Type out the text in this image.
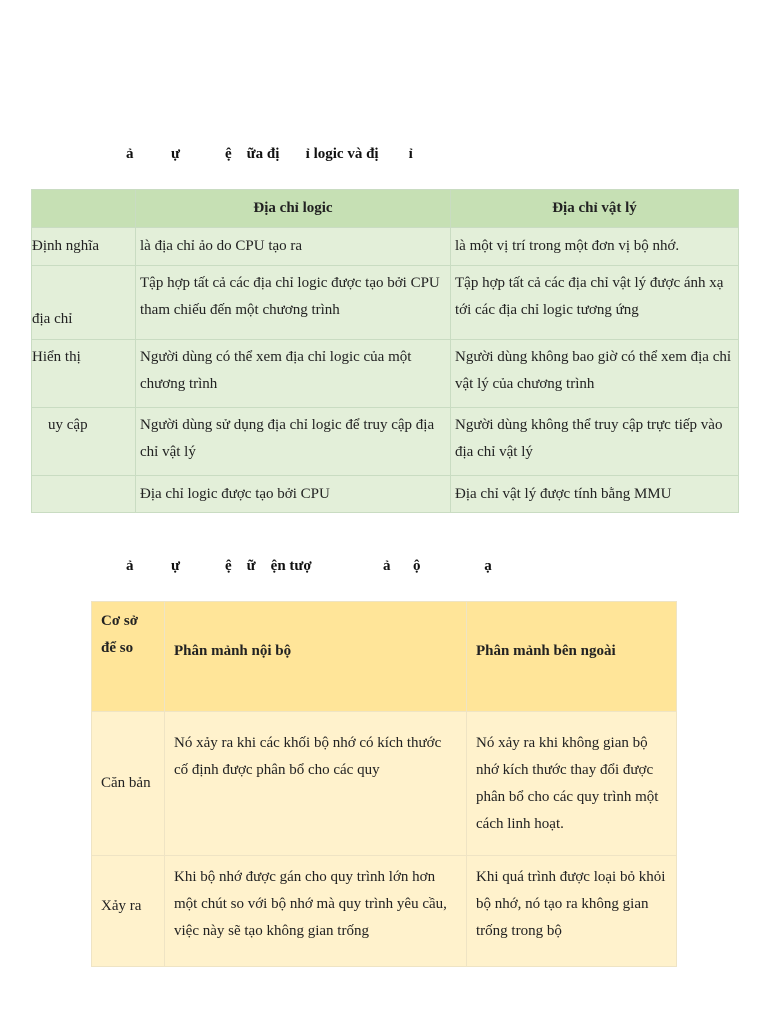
ả          ự            ệ    ữa đị       ỉ logic và đị        ỉ
	Địa chỉ logic	Địa chỉ vật lý
Định nghĩa	là địa chỉ ảo do CPU tạo ra	là một vị trí trong một đơn vị bộ nhớ.
địa chỉ	Tập hợp tất cả các địa chỉ logic được tạo bởi CPU tham chiếu đến một chương trình	Tập hợp tất cả các địa chỉ vật lý được ánh xạ tới các địa chỉ logic tương ứng
Hiển thị	Người dùng có thể xem địa chỉ logic của một chương trình	Người dùng không bao giờ có thể xem địa chỉ vật lý của chương trình
uy cập	Người dùng sử dụng địa chỉ logic để truy cập địa chỉ vật lý	Người dùng không thể truy cập trực tiếp vào địa chỉ vật lý
	Địa chỉ logic được tạo bởi CPU	Địa chỉ vật lý được tính bằng MMU
ả          ự            ệ    ữ    ện tượ                   ả      ộ                 ạ
Cơ sở để so	Phân mảnh nội bộ	Phân mảnh bên ngoài
Căn bản	Nó xảy ra khi các khối bộ nhớ có kích thước cố định được phân bổ cho các quy	Nó xảy ra khi không gian bộ nhớ kích thước thay đổi được phân bổ cho các quy trình một cách linh hoạt.
Xảy ra	Khi bộ nhớ được gán cho quy trình lớn hơn một chút so với bộ nhớ mà quy trình yêu cầu, việc này sẽ tạo không gian trống	Khi quá trình được loại bỏ khỏi bộ nhớ, nó tạo ra không gian trống trong bộ
